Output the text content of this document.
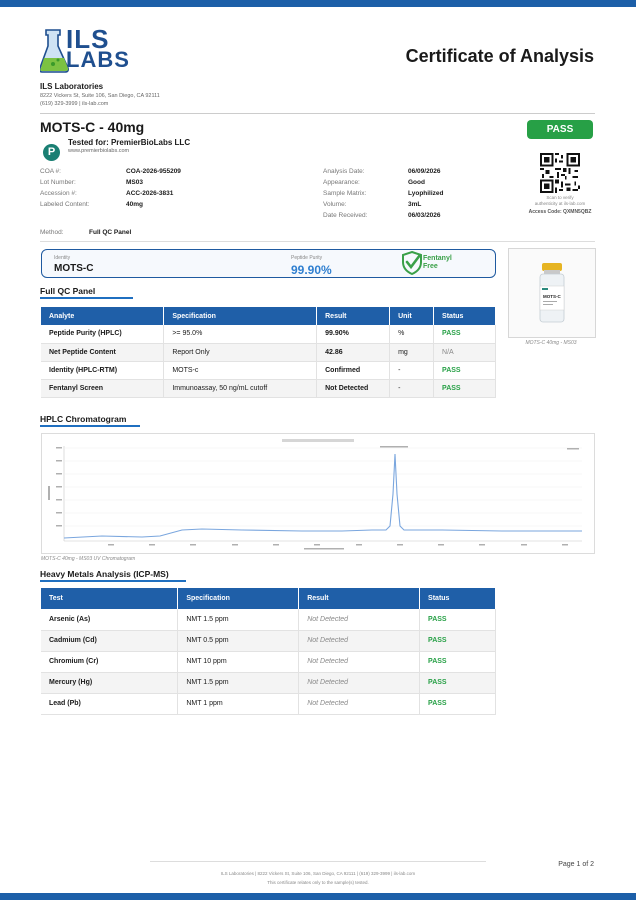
ILS
LABS	Certificate of Analysis
ILS Laboratories
8222 Vickers St, Suite 106, San Diego, CA 92111
(619) 329-3999 | ils-lab.com
MOTS-C - 40mg	PASS
P
Tested for: PremierBioLabs LLC
www.premierbiolabs.com
Scan to verify
authenticity at ils-lab.com
Access Code: QXMN5QBZ
COA #:	COA-2026-955209
Lot Number:	MS03
Accession #:	ACC-2026-3831
Labeled Content:	40mg
Analysis Date:	06/09/2026
Appearance:	Good
Sample Matrix:	Lyophilized
Volume:	3mL
Date Received:	06/03/2026
Method:	Full QC Panel
Identity
MOTS-C
Peptide Purity
99.90%
Fentanyl
Free
MOTS-C
MOTS-C 40mg - MS03
Full QC Panel
Analyte	Specification	Result	Unit	Status
Peptide Purity (HPLC)	>= 95.0%	99.90%	%	PASS
Net Peptide Content	Report Only	42.86	mg	N/A
Identity (HPLC-RTM)	MOTS-c	Confirmed	-	PASS
Fentanyl Screen	Immunoassay, 50 ng/mL cutoff	Not Detected	-	PASS
HPLC Chromatogram
MOTS-C 40mg - MS03 UV Chromatogram
Heavy Metals Analysis (ICP-MS)
Test	Specification	Result	Status
Arsenic (As)	NMT 1.5 ppm	Not Detected	PASS
Cadmium (Cd)	NMT 0.5 ppm	Not Detected	PASS
Chromium (Cr)	NMT 10 ppm	Not Detected	PASS
Mercury (Hg)	NMT 1.5 ppm	Not Detected	PASS
Lead (Pb)	NMT 1 ppm	Not Detected	PASS
ILS Laboratories | 8222 Vickers St, Suite 106, San Diego, CA 92111 | (619) 329-3999 | ils-lab.com
This certificate relates only to the sample(s) tested.
Page 1 of 2
